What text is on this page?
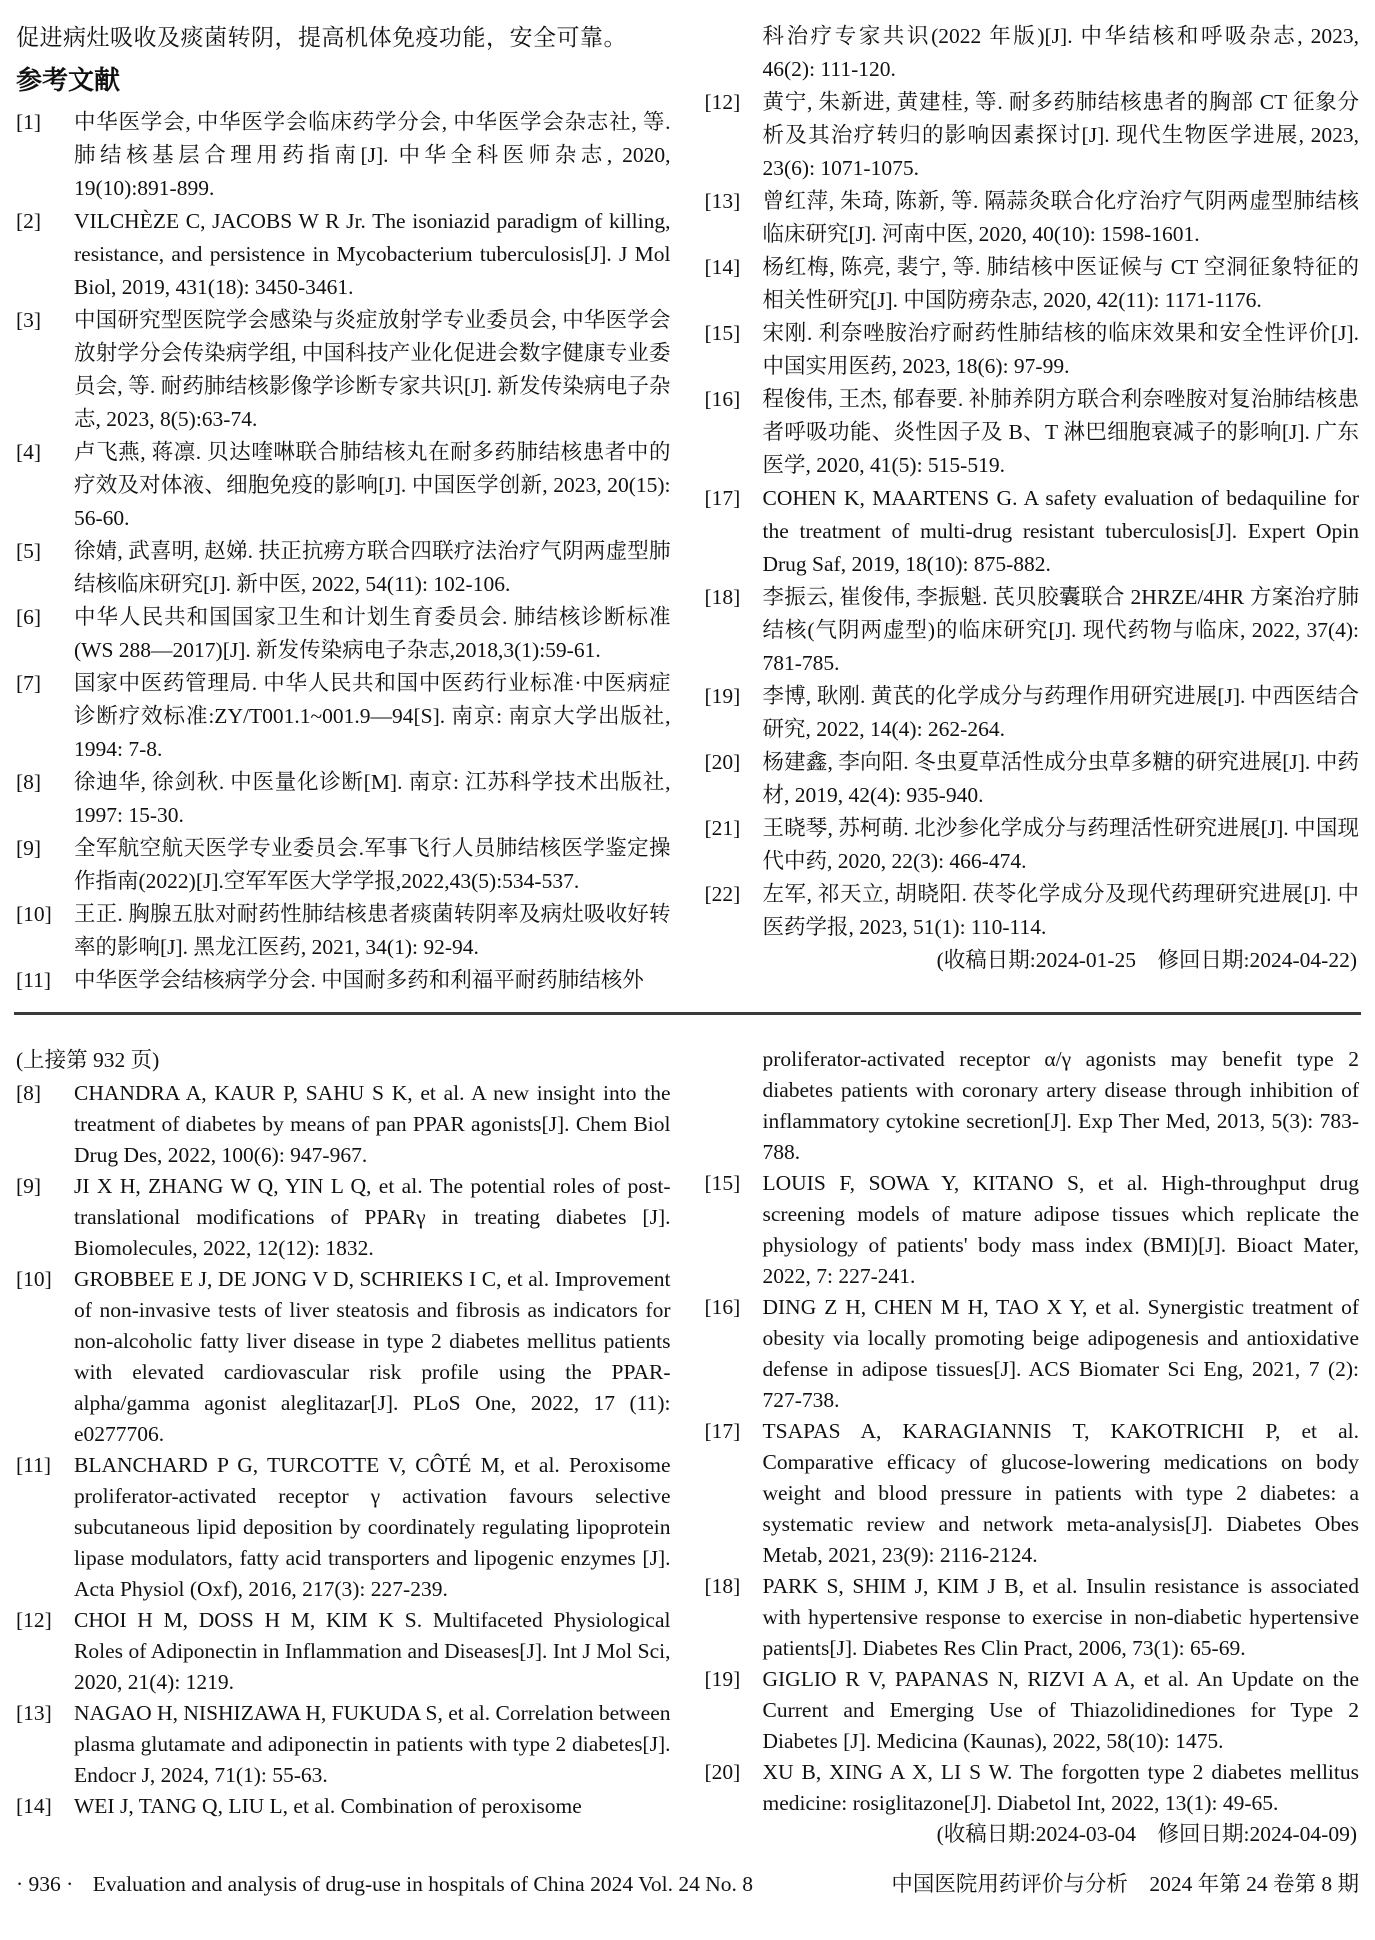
促进病灶吸收及痰菌转阴，提高机体免疫功能，安全可靠。
参考文献
[1]	中华医学会, 中华医学会临床药学分会, 中华医学会杂志社, 等. 肺结核基层合理用药指南[J]. 中华全科医师杂志, 2020, 19(10):891-899.
[2]	VILCHÈZE C, JACOBS W R Jr. The isoniazid paradigm of killing, resistance, and persistence in Mycobacterium tuberculosis[J]. J Mol Biol, 2019, 431(18): 3450-3461.
[3]	中国研究型医院学会感染与炎症放射学专业委员会, 中华医学会放射学分会传染病学组, 中国科技产业化促进会数字健康专业委员会, 等. 耐药肺结核影像学诊断专家共识[J]. 新发传染病电子杂志, 2023, 8(5):63-74.
[4]	卢飞燕, 蒋凛. 贝达喹啉联合肺结核丸在耐多药肺结核患者中的疗效及对体液、细胞免疫的影响[J]. 中国医学创新, 2023, 20(15): 56-60.
[5]	徐婧, 武喜明, 赵娣. 扶正抗痨方联合四联疗法治疗气阴两虚型肺结核临床研究[J]. 新中医, 2022, 54(11): 102-106.
[6]	中华人民共和国国家卫生和计划生育委员会. 肺结核诊断标准(WS 288—2017)[J]. 新发传染病电子杂志,2018,3(1):59-61.
[7]	国家中医药管理局. 中华人民共和国中医药行业标准·中医病症诊断疗效标准:ZY/T001.1~001.9—94[S]. 南京: 南京大学出版社, 1994: 7-8.
[8]	徐迪华, 徐剑秋. 中医量化诊断[M]. 南京: 江苏科学技术出版社, 1997: 15-30.
[9]	全军航空航天医学专业委员会.军事飞行人员肺结核医学鉴定操作指南(2022)[J].空军军医大学学报,2022,43(5):534-537.
[10]	王正. 胸腺五肽对耐药性肺结核患者痰菌转阴率及病灶吸收好转率的影响[J]. 黑龙江医药, 2021, 34(1): 92-94.
[11]	中华医学会结核病学分会. 中国耐多药和利福平耐药肺结核外
科治疗专家共识(2022 年版)[J]. 中华结核和呼吸杂志, 2023, 46(2): 111-120.
[12]	黄宁, 朱新进, 黄建桂, 等. 耐多药肺结核患者的胸部 CT 征象分析及其治疗转归的影响因素探讨[J]. 现代生物医学进展, 2023, 23(6): 1071-1075.
[13]	曾红萍, 朱琦, 陈新, 等. 隔蒜灸联合化疗治疗气阴两虚型肺结核临床研究[J]. 河南中医, 2020, 40(10): 1598-1601.
[14]	杨红梅, 陈亮, 裴宁, 等. 肺结核中医证候与 CT 空洞征象特征的相关性研究[J]. 中国防痨杂志, 2020, 42(11): 1171-1176.
[15]	宋刚. 利奈唑胺治疗耐药性肺结核的临床效果和安全性评价[J]. 中国实用医药, 2023, 18(6): 97-99.
[16]	程俊伟, 王杰, 郁春要. 补肺养阴方联合利奈唑胺对复治肺结核患者呼吸功能、炎性因子及 B、T 淋巴细胞衰减子的影响[J]. 广东医学, 2020, 41(5): 515-519.
[17]	COHEN K, MAARTENS G. A safety evaluation of bedaquiline for the treatment of multi-drug resistant tuberculosis[J]. Expert Opin Drug Saf, 2019, 18(10): 875-882.
[18]	李振云, 崔俊伟, 李振魁. 芪贝胶囊联合 2HRZE/4HR 方案治疗肺结核(气阴两虚型)的临床研究[J]. 现代药物与临床, 2022, 37(4): 781-785.
[19]	李博, 耿刚. 黄芪的化学成分与药理作用研究进展[J]. 中西医结合研究, 2022, 14(4): 262-264.
[20]	杨建鑫, 李向阳. 冬虫夏草活性成分虫草多糖的研究进展[J]. 中药材, 2019, 42(4): 935-940.
[21]	王晓琴, 苏柯萌. 北沙参化学成分与药理活性研究进展[J]. 中国现代中药, 2020, 22(3): 466-474.
[22]	左军, 祁天立, 胡晓阳. 茯苓化学成分及现代药理研究进展[J]. 中医药学报, 2023, 51(1): 110-114.
(收稿日期:2024-01-25　修回日期:2024-04-22)
(上接第 932 页)
[8]	CHANDRA A, KAUR P, SAHU S K, et al. A new insight into the treatment of diabetes by means of pan PPAR agonists[J]. Chem Biol Drug Des, 2022, 100(6): 947-967.
[9]	JI X H, ZHANG W Q, YIN L Q, et al. The potential roles of post-translational modifications of PPARγ in treating diabetes [J]. Biomolecules, 2022, 12(12): 1832.
[10]	GROBBEE E J, DE JONG V D, SCHRIEKS I C, et al. Improvement of non-invasive tests of liver steatosis and fibrosis as indicators for non-alcoholic fatty liver disease in type 2 diabetes mellitus patients with elevated cardiovascular risk profile using the PPAR-alpha/gamma agonist aleglitazar[J]. PLoS One, 2022, 17 (11): e0277706.
[11]	BLANCHARD P G, TURCOTTE V, CÔTÉ M, et al. Peroxisome proliferator-activated receptor γ activation favours selective subcutaneous lipid deposition by coordinately regulating lipoprotein lipase modulators, fatty acid transporters and lipogenic enzymes [J]. Acta Physiol (Oxf), 2016, 217(3): 227-239.
[12]	CHOI H M, DOSS H M, KIM K S. Multifaceted Physiological Roles of Adiponectin in Inflammation and Diseases[J]. Int J Mol Sci, 2020, 21(4): 1219.
[13]	NAGAO H, NISHIZAWA H, FUKUDA S, et al. Correlation between plasma glutamate and adiponectin in patients with type 2 diabetes[J]. Endocr J, 2024, 71(1): 55-63.
[14]	WEI J, TANG Q, LIU L, et al. Combination of peroxisome
proliferator-activated receptor α/γ agonists may benefit type 2 diabetes patients with coronary artery disease through inhibition of inflammatory cytokine secretion[J]. Exp Ther Med, 2013, 5(3): 783-788.
[15]	LOUIS F, SOWA Y, KITANO S, et al. High-throughput drug screening models of mature adipose tissues which replicate the physiology of patients' body mass index (BMI)[J]. Bioact Mater, 2022, 7: 227-241.
[16]	DING Z H, CHEN M H, TAO X Y, et al. Synergistic treatment of obesity via locally promoting beige adipogenesis and antioxidative defense in adipose tissues[J]. ACS Biomater Sci Eng, 2021, 7 (2): 727-738.
[17]	TSAPAS A, KARAGIANNIS T, KAKOTRICHI P, et al. Comparative efficacy of glucose-lowering medications on body weight and blood pressure in patients with type 2 diabetes: a systematic review and network meta-analysis[J]. Diabetes Obes Metab, 2021, 23(9): 2116-2124.
[18]	PARK S, SHIM J, KIM J B, et al. Insulin resistance is associated with hypertensive response to exercise in non-diabetic hypertensive patients[J]. Diabetes Res Clin Pract, 2006, 73(1): 65-69.
[19]	GIGLIO R V, PAPANAS N, RIZVI A A, et al. An Update on the Current and Emerging Use of Thiazolidinediones for Type 2 Diabetes [J]. Medicina (Kaunas), 2022, 58(10): 1475.
[20]	XU B, XING A X, LI S W. The forgotten type 2 diabetes mellitus medicine: rosiglitazone[J]. Diabetol Int, 2022, 13(1): 49-65.
(收稿日期:2024-03-04　修回日期:2024-04-09)
· 936 · Evaluation and analysis of drug-use in hospitals of China 2024 Vol. 24 No. 8	中国医院用药评价与分析　2024 年第 24 卷第 8 期
